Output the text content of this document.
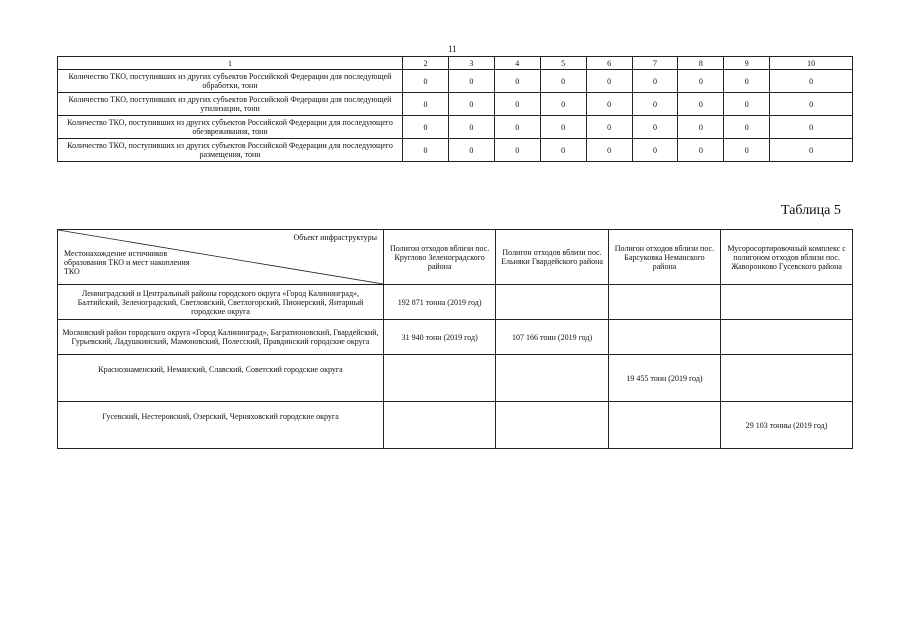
11
1	2	3	4	5	6	7	8	9	10
Количество ТКО, поступивших из других субъектов Российской Федерации для последующей обработки, тонн	0	0	0	0	0	0	0	0	0
Количество ТКО, поступивших из других субъектов Российской Федерации для последующей утилизации, тонн	0	0	0	0	0	0	0	0	0
Количество ТКО, поступивших из других субъектов Российской Федерации для последующего обезвреживания, тонн	0	0	0	0	0	0	0	0	0
Количество ТКО, поступивших из других субъектов Российской Федерации для последующего размещения, тонн	0	0	0	0	0	0	0	0	0
Таблица 5
Объект инфраструктуры
Местонахождение источников образования ТКО и мест накопления ТКО	Полигон отходов вблизи пос. Круглово Зеленоградского района	Полигон отходов вблизи пос. Ельняки Гвардейского района	Полигон отходов вблизи пос. Барсуковка Неманского района	Мусоросортировочный комплекс с полигоном отходов вблизи пос. Жаворонково Гусевского района
Ленинградский и Центральный районы городского округа «Город Калининград», Балтийский, Зеленоградский, Светловский, Светлогорский, Пионерский, Янтарный городские округа	192 871 тонна (2019 год)			
Московский район городского округа «Город Калининград», Багратионовский, Гвардейский, Гурьевский, Ладушкинский, Мамоновский, Полесский, Правдинский городские округа	31 940 тонн (2019 год)	107 166 тонн (2019 год)		
Краснознаменский, Неманский, Славский, Советский городские округа			19 455 тонн (2019 год)	
Гусевский, Нестеровский, Озерский, Черняховский городские округа				29 103 тонны (2019 год)
